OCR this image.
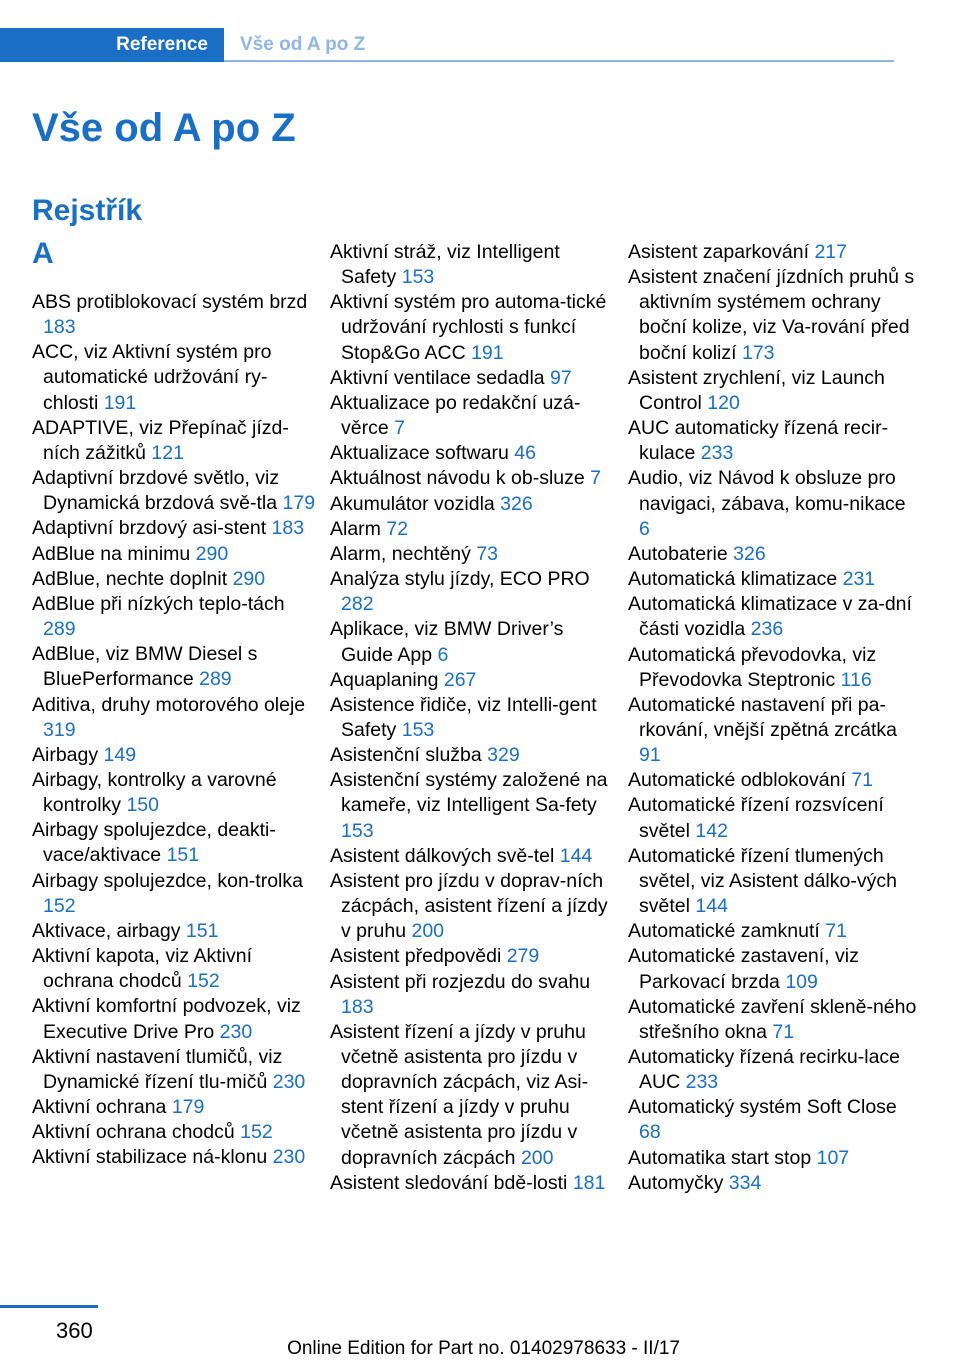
Reference Vše od A po Z
Vše od A po Z
Rejstřík
A
ABS protiblokovací systém brzd 183
ACC, viz Aktivní systém pro automatické udržování ry‐chlosti 191
ADAPTIVE, viz Přepínač jízd‐ních zážitků 121
Adaptivní brzdové světlo, viz Dynamická brzdová svě‐tla 179
Adaptivní brzdový asi‐stent 183
AdBlue na minimu 290
AdBlue, nechte doplnit 290
AdBlue při nízkých teplo‐tách 289
AdBlue, viz BMW Diesel s BluePerformance 289
Aditiva, druhy motorového oleje 319
Airbagy 149
Airbagy, kontrolky a varovné kontrolky 150
Airbagy spolujezdce, deakti‐vace/aktivace 151
Airbagy spolujezdce, kon‐trolka 152
Aktivace, airbagy 151
Aktivní kapota, viz Aktivní ochrana chodců 152
Aktivní komfortní podvozek, viz Executive Drive Pro 230
Aktivní nastavení tlumičů, viz Dynamické řízení tlu‐mičů 230
Aktivní ochrana 179
Aktivní ochrana chodců 152
Aktivní stabilizace ná‐klonu 230
Aktivní stráž, viz Intelligent Safety 153
Aktivní systém pro automa‐tické udržování rychlosti s funkcí Stop&Go ACC 191
Aktivní ventilace sedadla 97
Aktualizace po redakční uzá‐věrce 7
Aktualizace softwaru 46
Aktuálnost návodu k ob‐sluze 7
Akumulátor vozidla 326
Alarm 72
Alarm, nechtěný 73
Analýza stylu jízdy, ECO PRO 282
Aplikace, viz BMW Driver’s Guide App 6
Aquaplaning 267
Asistence řidiče, viz Intelli‐gent Safety 153
Asistenční služba 329
Asistenční systémy založené na kameře, viz Intelligent Sa‐fety 153
Asistent dálkových svě‐tel 144
Asistent pro jízdu v doprav‐ních zácpách, asistent řízení a jízdy v pruhu 200
Asistent předpovědi 279
Asistent při rozjezdu do svahu 183
Asistent řízení a jízdy v pruhu včetně asistenta pro jízdu v dopravních zácpách, viz Asi‐stent řízení a jízdy v pruhu včetně asistenta pro jízdu v dopravních zácpách 200
Asistent sledování bdě‐losti 181
Asistent zaparkování 217
Asistent značení jízdních pruhů s aktivním systémem ochrany boční kolize, viz Va‐rování před boční kolizí 173
Asistent zrychlení, viz Launch Control 120
AUC automaticky řízená recir‐kulace 233
Audio, viz Návod k obsluze pro navigaci, zábava, komu‐nikace 6
Autobaterie 326
Automatická klimatizace 231
Automatická klimatizace v za‐dní části vozidla 236
Automatická převodovka, viz Převodovka Steptronic 116
Automatické nastavení při pa‐rkování, vnější zpětná zrcátka 91
Automatické odblokování 71
Automatické řízení rozsvícení světel 142
Automatické řízení tlumených světel, viz Asistent dálko‐vých světel 144
Automatické zamknutí 71
Automatické zastavení, viz Parkovací brzda 109
Automatické zavření skleně‐ného střešního okna 71
Automaticky řízená recirku‐lace AUC 233
Automatický systém Soft Close 68
Automatika start stop 107
Automyčky 334
360
Online Edition for Part no. 01402978633 - II/17
